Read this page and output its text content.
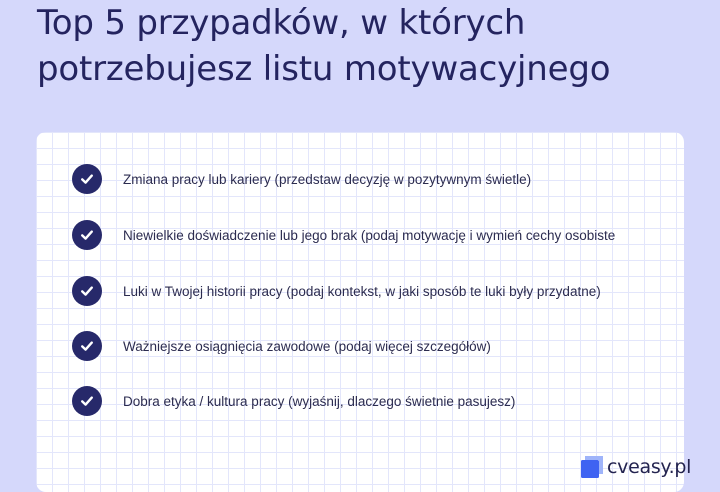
Top 5 przypadków, w których
potrzebujesz listu motywacyjnego
Zmiana pracy lub kariery (przedstaw decyzję w pozytywnym świetle)
Niewielkie doświadczenie lub jego brak (podaj motywację i wymień cechy osobiste
Luki w Twojej historii pracy (podaj kontekst, w jaki sposób te luki były przydatne)
Ważniejsze osiągnięcia zawodowe (podaj więcej szczegółów)
Dobra etyka / kultura pracy (wyjaśnij, dlaczego świetnie pasujesz)
cveasy.pl
